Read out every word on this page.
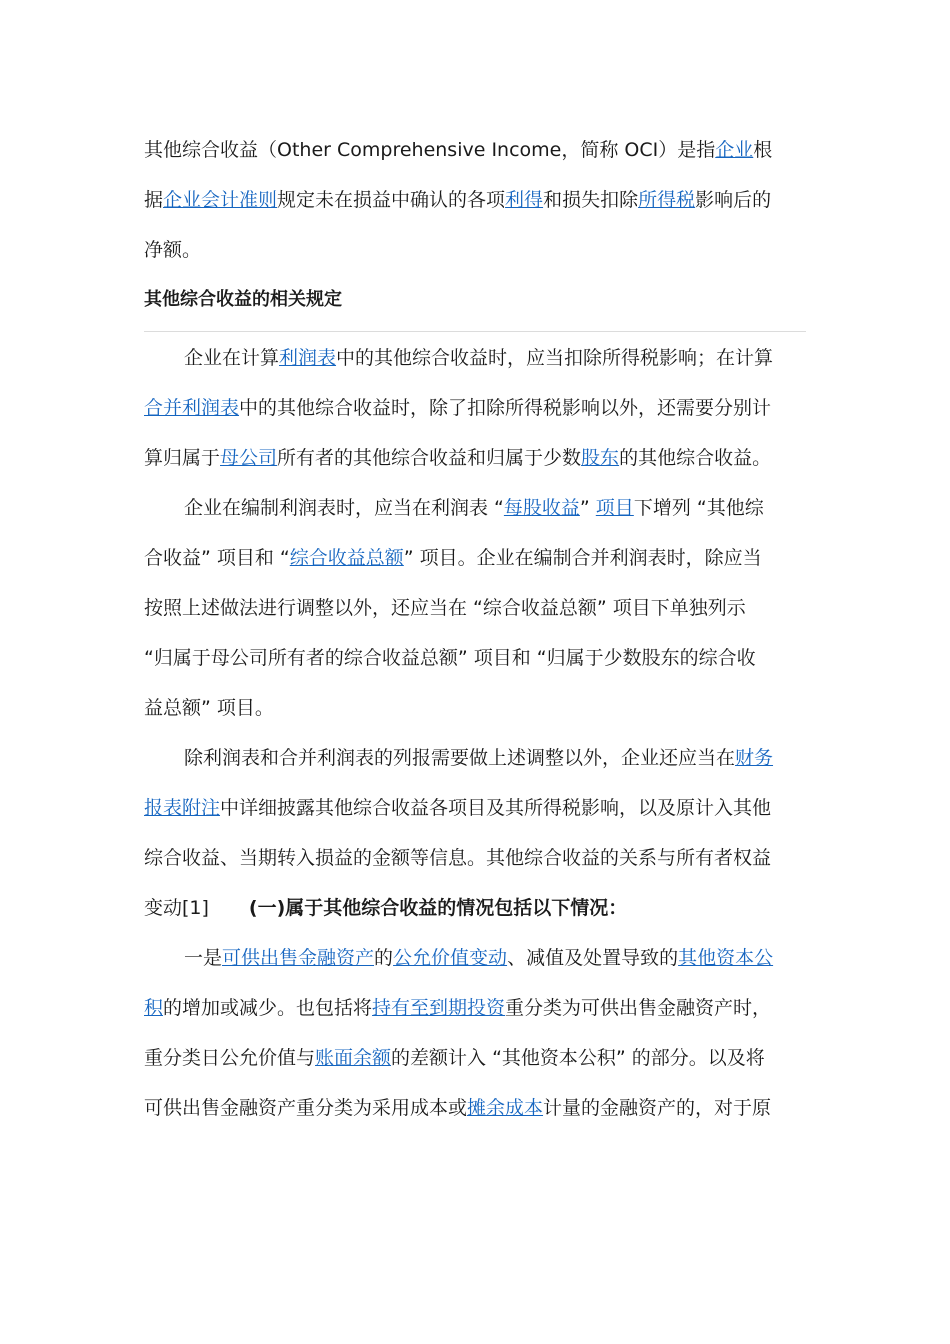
其他综合收益（Other Comprehensive Income，简称 OCI）是指企业根
据企业会计准则规定未在损益中确认的各项利得和损失扣除所得税影响后的
净额。
其他综合收益的相关规定
企业在计算利润表中的其他综合收益时，应当扣除所得税影响；在计算
合并利润表中的其他综合收益时，除了扣除所得税影响以外，还需要分别计
算归属于母公司所有者的其他综合收益和归属于少数股东的其他综合收益。
企业在编制利润表时，应当在利润表 “每股收益” 项目下增列 “其他综
合收益” 项目和 “综合收益总额” 项目。企业在编制合并利润表时，除应当
按照上述做法进行调整以外，还应当在 “综合收益总额” 项目下单独列示
“归属于母公司所有者的综合收益总额” 项目和 “归属于少数股东的综合收
益总额” 项目。
除利润表和合并利润表的列报需要做上述调整以外，企业还应当在财务
报表附注中详细披露其他综合收益各项目及其所得税影响，以及原计入其他
综合收益、当期转入损益的金额等信息。其他综合收益的关系与所有者权益
变动[1] (一)属于其他综合收益的情况包括以下情况：
一是可供出售金融资产的公允价值变动、减值及处置导致的其他资本公
积的增加或减少。也包括将持有至到期投资重分类为可供出售金融资产时，
重分类日公允价值与账面余额的差额计入 “其他资本公积” 的部分。以及将
可供出售金融资产重分类为采用成本或摊余成本计量的金融资产的，对于原
